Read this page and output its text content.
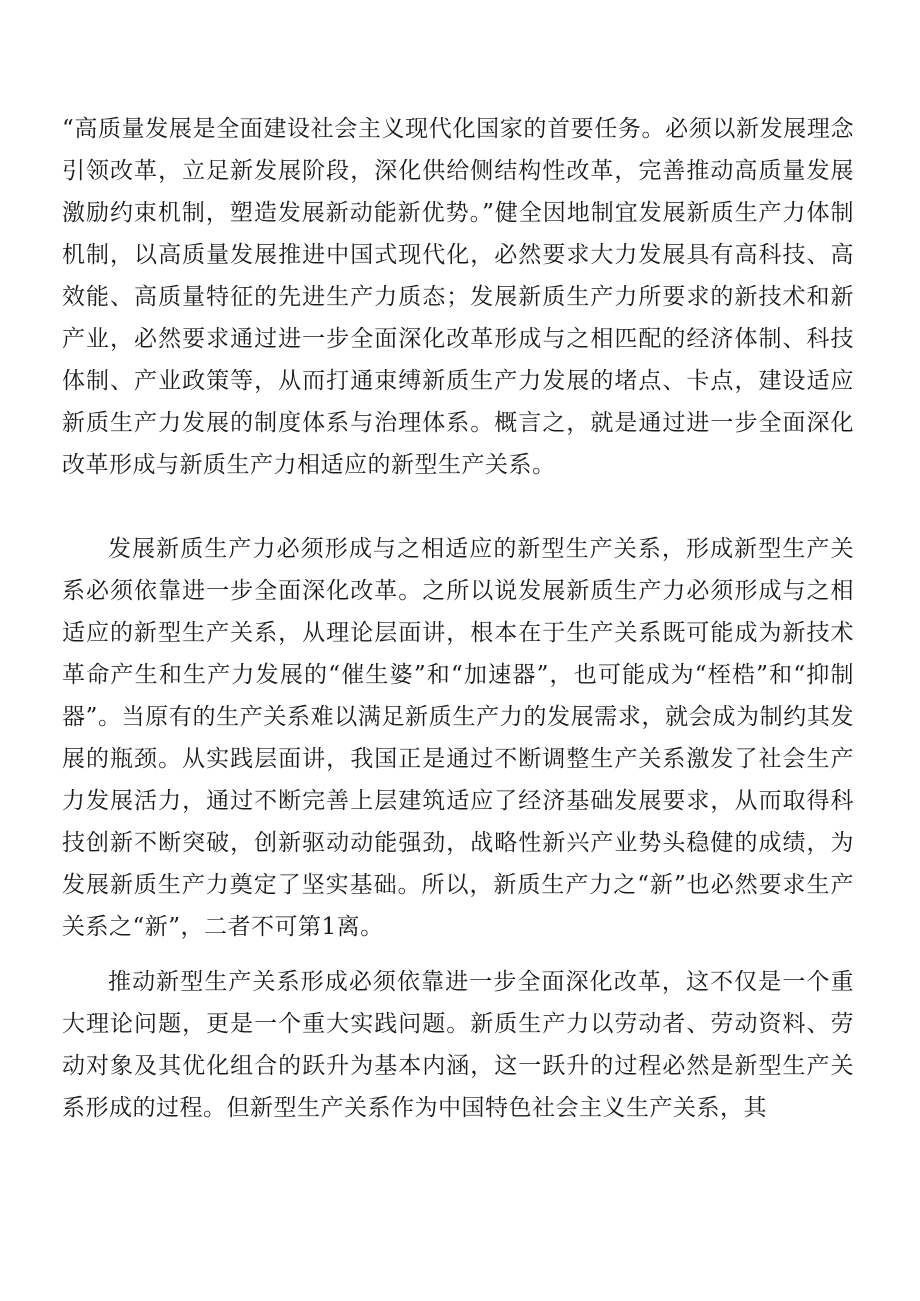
“高质量发展是全面建设社会主义现代化国家的首要任务。必须以新发展理念引领改革，立足新发展阶段，深化供给侧结构性改革，完善推动高质量发展激励约束机制，塑造发展新动能新优势。”健全因地制宜发展新质生产力体制机制，以高质量发展推进中国式现代化，必然要求大力发展具有高科技、高效能、高质量特征的先进生产力质态；发展新质生产力所要求的新技术和新产业，必然要求通过进一步全面深化改革形成与之相匹配的经济体制、科技体制、产业政策等，从而打通束缚新质生产力发展的堵点、卡点，建设适应新质生产力发展的制度体系与治理体系。概言之，就是通过进一步全面深化改革形成与新质生产力相适应的新型生产关系。

发展新质生产力必须形成与之相适应的新型生产关系，形成新型生产关系必须依靠进一步全面深化改革。之所以说发展新质生产力必须形成与之相适应的新型生产关系，从理论层面讲，根本在于生产关系既可能成为新技术革命产生和生产力发展的“催生婆”和“加速器”，也可能成为“桎梏”和“抑制器”。当原有的生产关系难以满足新质生产力的发展需求，就会成为制约其发展的瓶颈。从实践层面讲，我国正是通过不断调整生产关系激发了社会生产力发展活力，通过不断完善上层建筑适应了经济基础发展要求，从而取得科技创新不断突破，创新驱动动能强劲，战略性新兴产业势头稳健的成绩，为发展新质生产力奠定了坚实基础。所以，新质生产力之“新”也必然要求生产关系之“新”，二者不可第1离。

推动新型生产关系形成必须依靠进一步全面深化改革，这不仅是一个重大理论问题，更是一个重大实践问题。新质生产力以劳动者、劳动资料、劳动对象及其优化组合的跃升为基本内涵，这一跃升的过程必然是新型生产关系形成的过程。但新型生产关系作为中国特色社会主义生产关系，其
